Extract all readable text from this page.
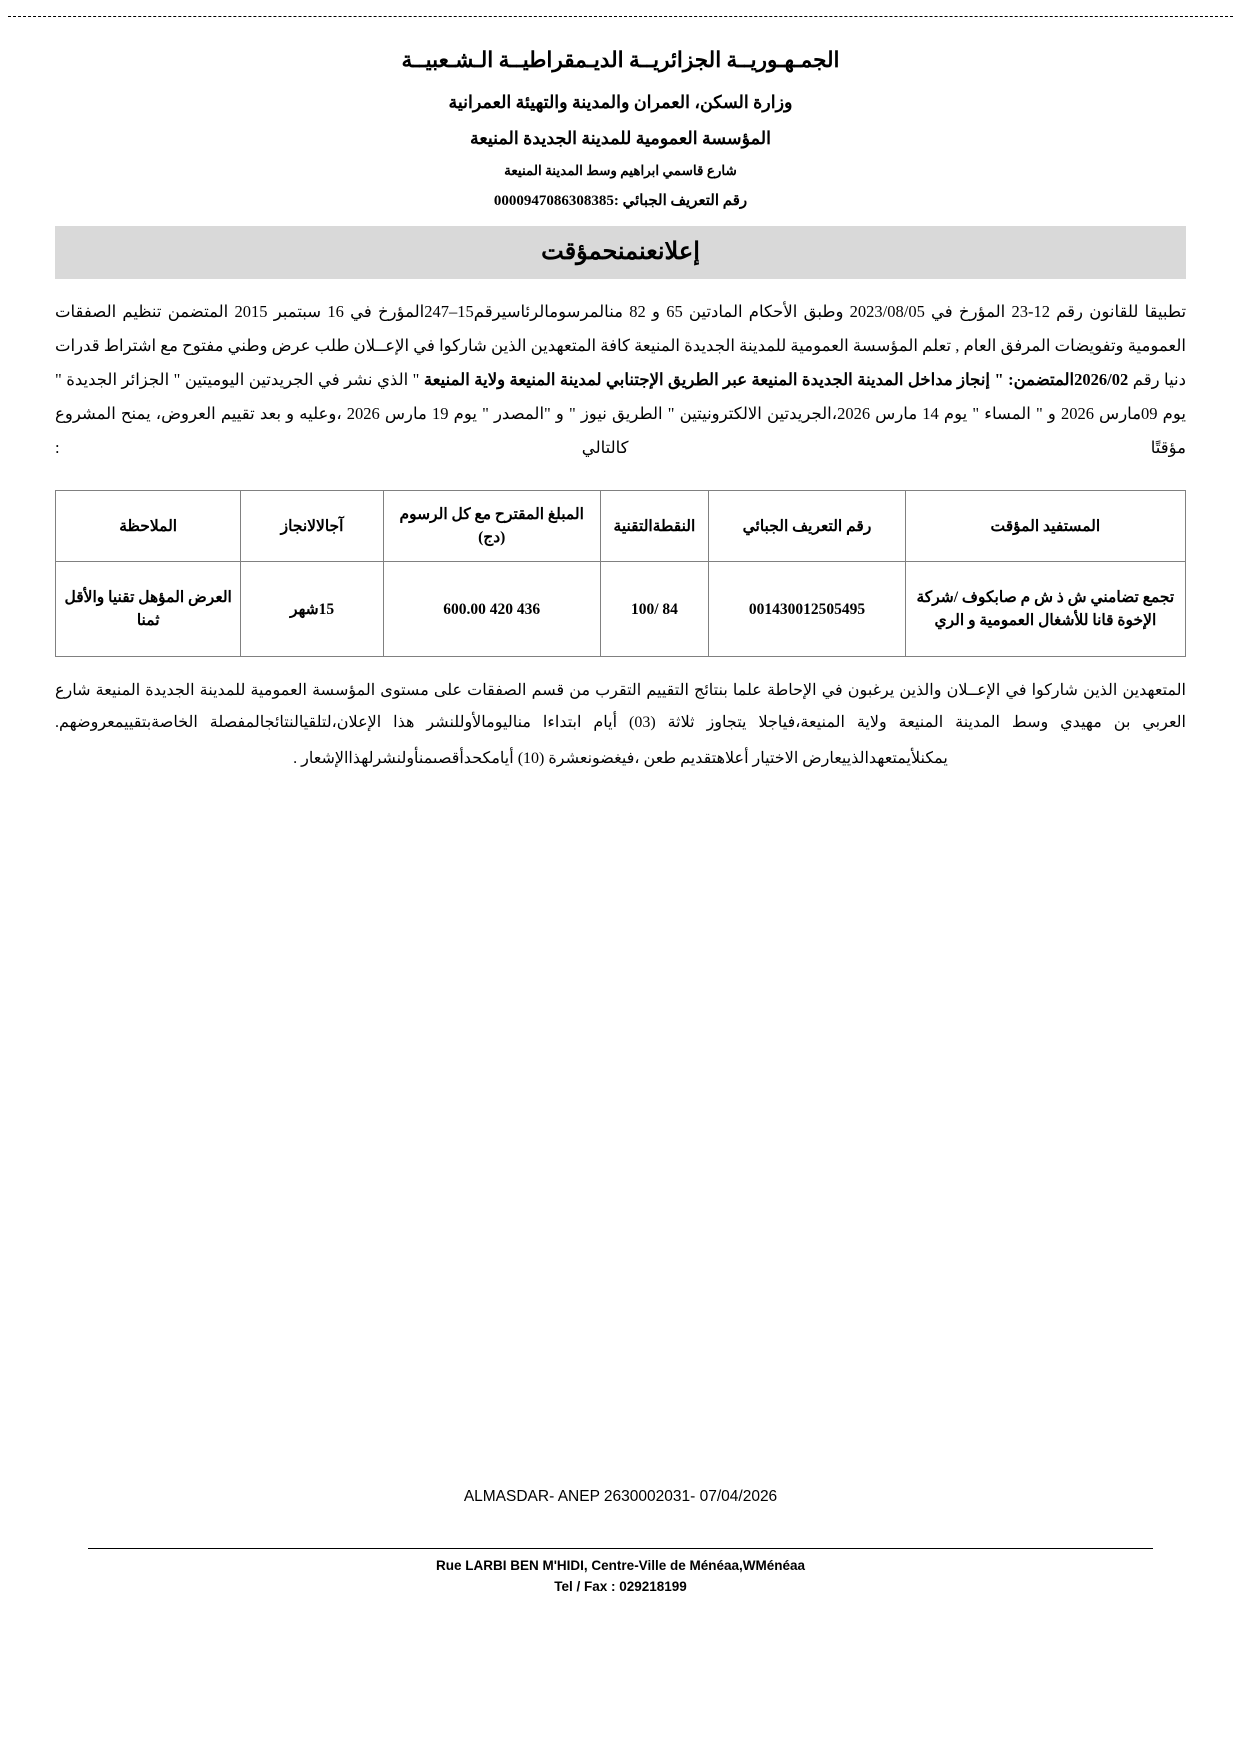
الجمـهـوريــة الجزائريــة الديـمقراطيــة الـشـعبيــة
وزارة السكن، العمران والمدينة والتهيئة العمرانية
المؤسسة العمومية للمدينة الجديدة المنيعة
شارع قاسمي ابراهيم وسط المدينة المنيعة
رقم التعريف الجبائي :0000947086308385
إعلانعنمنحمؤقت
تطبيقا للقانون رقم 12-23 المؤرخ في 2023/08/05 وطبق الأحكام المادتين 65 و 82 منالمرسومالرئاسيرقم15–247المؤرخ في 16 سبتمبر 2015 المتضمن تنظيم الصفقات العمومية وتفويضات المرفق العام , تعلم المؤسسة العمومية للمدينة الجديدة المنيعة كافة المتعهدين الذين شاركوا في الإعــلان طلب عرض وطني مفتوح مع اشتراط قدرات دنيا رقم 2026/02المتضمن: " إنجاز مداخل المدينة الجديدة المنيعة عبر الطريق الإجتنابي لمدينة المنيعة ولاية المنيعة " الذي نشر في الجريدتين اليوميتين " الجزائر الجديدة " يوم 09مارس 2026 و " المساء " يوم 14 مارس 2026،الجريدتين الالكترونيتين " الطريق نيوز " و "المصدر " يوم 19 مارس 2026 ،وعليه و بعد تقييم العروض، يمنح المشروع مؤقتًا كالتالي :
المستفيد المؤقت	رقم التعريف الجبائي	النقطةالتقنية	المبلغ المقترح مع كل الرسوم (دج)	آجالالانجاز	الملاحظة
تجمع تضامني ش ذ ش م صابكوف /شركة الإخوة قانا للأشغال العمومية و الري	001430012505495	84 /100	436 420 600.00	15شهر	العرض المؤهل تقنيا والأقل ثمنا
المتعهدين الذين شاركوا في الإعــلان والذين يرغبون في الإحاطة علما بنتائج التقييم التقرب من قسم الصفقات على مستوى المؤسسة العمومية للمدينة الجديدة المنيعة شارع العربي بن مهيدي وسط المدينة المنيعة ولاية المنيعة،فياجلا يتجاوز ثلاثة (03) أيام ابتداءا مناليومالأوللنشر هذا الإعلان،لتلقيالنتائجالمفصلة الخاصةبتقييمعروضهم.
يمكنلأيمتعهدالذييعارض الاختيار أعلاهتقديم طعن ،فيغضونعشرة (10) أيامكحدأقصىمنأولنشرلهذاالإشعار .
ALMASDAR- ANEP 2630002031- 07/04/2026
Rue LARBI BEN M'HIDI, Centre-Ville de Ménéaa,WMénéaa
Tel / Fax : 029218199
